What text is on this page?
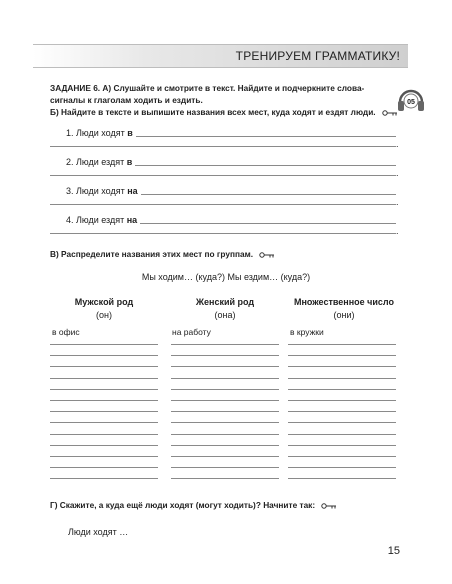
ТРЕНИРУЕМ ГРАММАТИКУ!
ЗАДАНИЕ 6. А) Слушайте и смотрите в текст. Найдите и подчеркните слова-сигналы к глаголам ходить и ездить.	05
Б) Найдите в тексте и выпишите названия всех мест, куда ходят и ездят люди.
1. Люди ходят в
.
2. Люди ездят в
.
3. Люди ходят на
.
4. Люди ездят на
.
В) Распределите названия этих мест по группам.
Мы ходим… (куда?) Мы ездим… (куда?)
Мужской род	Женский род	Множественное число
(он)	(она)	(они)
в офис	на работу	в кружки
Г) Скажите, а куда ещё люди ходят (могут ходить)? Начните так:
Люди ходят …
15
